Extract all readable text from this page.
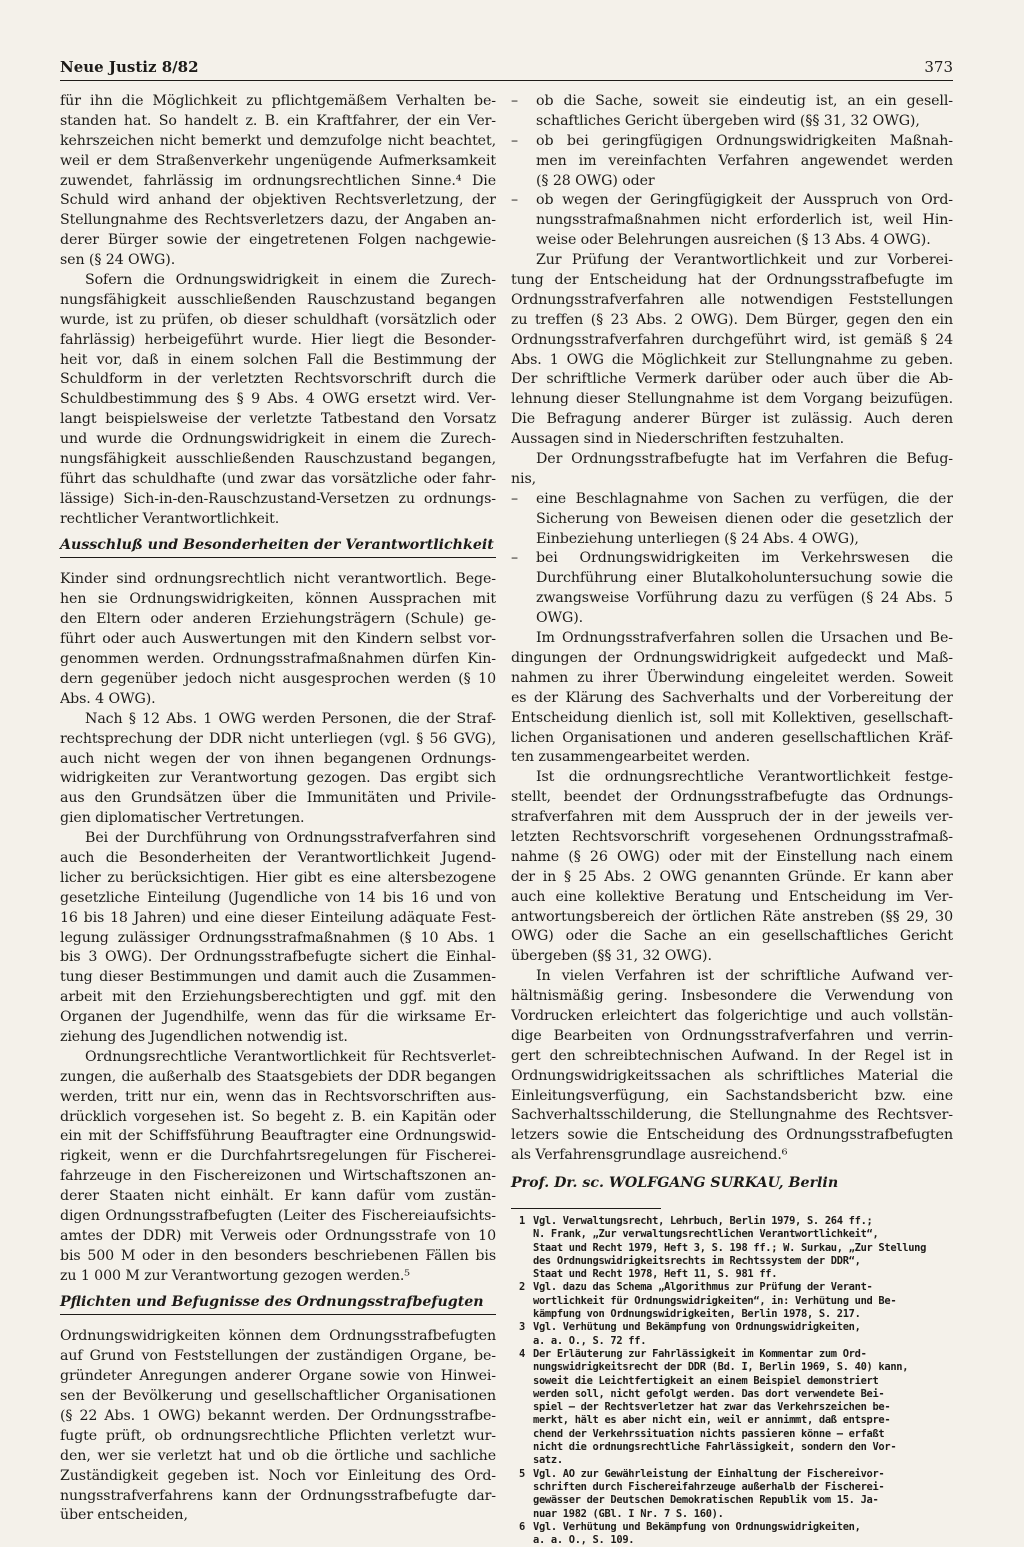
Neue Justiz 8/82	373
für ihn die Möglichkeit zu pflichtgemäßem Verhalten be-
standen hat. So handelt z. B. ein Kraftfahrer, der ein Ver-
kehrszeichen nicht bemerkt und demzufolge nicht beachtet,
weil er dem Straßenverkehr ungenügende Aufmerksamkeit
zuwendet, fahrlässig im ordnungsrechtlichen Sinne.⁴ Die
Schuld wird anhand der objektiven Rechtsverletzung, der
Stellungnahme des Rechtsverletzers dazu, der Angaben an-
derer Bürger sowie der eingetretenen Folgen nachgewie-
sen (§ 24 OWG).
Sofern die Ordnungswidrigkeit in einem die Zurech-
nungsfähigkeit ausschließenden Rauschzustand begangen
wurde, ist zu prüfen, ob dieser schuldhaft (vorsätzlich oder
fahrlässig) herbeigeführt wurde. Hier liegt die Besonder-
heit vor, daß in einem solchen Fall die Bestimmung der
Schuldform in der verletzten Rechtsvorschrift durch die
Schuldbestimmung des § 9 Abs. 4 OWG ersetzt wird. Ver-
langt beispielsweise der verletzte Tatbestand den Vorsatz
und wurde die Ordnungswidrigkeit in einem die Zurech-
nungsfähigkeit ausschließenden Rauschzustand begangen,
führt das schuldhafte (und zwar das vorsätzliche oder fahr-
lässige) Sich-in-den-Rauschzustand-Versetzen zu ordnungs-
rechtlicher Verantwortlichkeit.
Ausschluß und Besonderheiten der Verantwortlichkeit
Kinder sind ordnungsrechtlich nicht verantwortlich. Bege-
hen sie Ordnungswidrigkeiten, können Aussprachen mit
den Eltern oder anderen Erziehungsträgern (Schule) ge-
führt oder auch Auswertungen mit den Kindern selbst vor-
genommen werden. Ordnungsstrafmaßnahmen dürfen Kin-
dern gegenüber jedoch nicht ausgesprochen werden (§ 10
Abs. 4 OWG).
Nach § 12 Abs. 1 OWG werden Personen, die der Straf-
rechtsprechung der DDR nicht unterliegen (vgl. § 56 GVG),
auch nicht wegen der von ihnen begangenen Ordnungs-
widrigkeiten zur Verantwortung gezogen. Das ergibt sich
aus den Grundsätzen über die Immunitäten und Privile-
gien diplomatischer Vertretungen.
Bei der Durchführung von Ordnungsstrafverfahren sind
auch die Besonderheiten der Verantwortlichkeit Jugend-
licher zu berücksichtigen. Hier gibt es eine altersbezogene
gesetzliche Einteilung (Jugendliche von 14 bis 16 und von
16 bis 18 Jahren) und eine dieser Einteilung adäquate Fest-
legung zulässiger Ordnungsstrafmaßnahmen (§ 10 Abs. 1
bis 3 OWG). Der Ordnungsstrafbefugte sichert die Einhal-
tung dieser Bestimmungen und damit auch die Zusammen-
arbeit mit den Erziehungsberechtigten und ggf. mit den
Organen der Jugendhilfe, wenn das für die wirksame Er-
ziehung des Jugendlichen notwendig ist.
Ordnungsrechtliche Verantwortlichkeit für Rechtsverlet-
zungen, die außerhalb des Staatsgebiets der DDR begangen
werden, tritt nur ein, wenn das in Rechtsvorschriften aus-
drücklich vorgesehen ist. So begeht z. B. ein Kapitän oder
ein mit der Schiffsführung Beauftragter eine Ordnungswid-
rigkeit, wenn er die Durchfahrtsregelungen für Fischerei-
fahrzeuge in den Fischereizonen und Wirtschaftszonen an-
derer Staaten nicht einhält. Er kann dafür vom zustän-
digen Ordnungsstrafbefugten (Leiter des Fischereiaufsichts-
amtes der DDR) mit Verweis oder Ordnungsstrafe von 10
bis 500 M oder in den besonders beschriebenen Fällen bis
zu 1 000 M zur Verantwortung gezogen werden.⁵
Pflichten und Befugnisse des Ordnungsstrafbefugten
Ordnungswidrigkeiten können dem Ordnungsstrafbefugten
auf Grund von Feststellungen der zuständigen Organe, be-
gründeter Anregungen anderer Organe sowie von Hinwei-
sen der Bevölkerung und gesellschaftlicher Organisationen
(§ 22 Abs. 1 OWG) bekannt werden. Der Ordnungsstrafbe-
fugte prüft, ob ordnungsrechtliche Pflichten verletzt wur-
den, wer sie verletzt hat und ob die örtliche und sachliche
Zuständigkeit gegeben ist. Noch vor Einleitung des Ord-
nungsstrafverfahrens kann der Ordnungsstrafbefugte dar-
über entscheiden,
– ob die Sache, soweit sie eindeutig ist, an ein gesell-
schaftliches Gericht übergeben wird (§§ 31, 32 OWG),
– ob bei geringfügigen Ordnungswidrigkeiten Maßnah-
men im vereinfachten Verfahren angewendet werden
(§ 28 OWG) oder
– ob wegen der Geringfügigkeit der Ausspruch von Ord-
nungsstrafmaßnahmen nicht erforderlich ist, weil Hin-
weise oder Belehrungen ausreichen (§ 13 Abs. 4 OWG).
Zur Prüfung der Verantwortlichkeit und zur Vorberei-
tung der Entscheidung hat der Ordnungsstrafbefugte im
Ordnungsstrafverfahren alle notwendigen Feststellungen
zu treffen (§ 23 Abs. 2 OWG). Dem Bürger, gegen den ein
Ordnungsstrafverfahren durchgeführt wird, ist gemäß § 24
Abs. 1 OWG die Möglichkeit zur Stellungnahme zu geben.
Der schriftliche Vermerk darüber oder auch über die Ab-
lehnung dieser Stellungnahme ist dem Vorgang beizufügen.
Die Befragung anderer Bürger ist zulässig. Auch deren
Aussagen sind in Niederschriften festzuhalten.
Der Ordnungsstrafbefugte hat im Verfahren die Befug-
nis,
– eine Beschlagnahme von Sachen zu verfügen, die der
Sicherung von Beweisen dienen oder die gesetzlich der
Einbeziehung unterliegen (§ 24 Abs. 4 OWG),
– bei Ordnungswidrigkeiten im Verkehrswesen die
Durchführung einer Blutalkoholuntersuchung sowie die
zwangsweise Vorführung dazu zu verfügen (§ 24 Abs. 5
OWG).
Im Ordnungsstrafverfahren sollen die Ursachen und Be-
dingungen der Ordnungswidrigkeit aufgedeckt und Maß-
nahmen zu ihrer Überwindung eingeleitet werden. Soweit
es der Klärung des Sachverhalts und der Vorbereitung der
Entscheidung dienlich ist, soll mit Kollektiven, gesellschaft-
lichen Organisationen und anderen gesellschaftlichen Kräf-
ten zusammengearbeitet werden.
Ist die ordnungsrechtliche Verantwortlichkeit festge-
stellt, beendet der Ordnungsstrafbefugte das Ordnungs-
strafverfahren mit dem Ausspruch der in der jeweils ver-
letzten Rechtsvorschrift vorgesehenen Ordnungsstrafmaß-
nahme (§ 26 OWG) oder mit der Einstellung nach einem
der in § 25 Abs. 2 OWG genannten Gründe. Er kann aber
auch eine kollektive Beratung und Entscheidung im Ver-
antwortungsbereich der örtlichen Räte anstreben (§§ 29, 30
OWG) oder die Sache an ein gesellschaftliches Gericht
übergeben (§§ 31, 32 OWG).
In vielen Verfahren ist der schriftliche Aufwand ver-
hältnismäßig gering. Insbesondere die Verwendung von
Vordrucken erleichtert das folgerichtige und auch vollstän-
dige Bearbeiten von Ordnungsstrafverfahren und verrin-
gert den schreibtechnischen Aufwand. In der Regel ist in
Ordnungswidrigkeitssachen als schriftliches Material die
Einleitungsverfügung, ein Sachstandsbericht bzw. eine
Sachverhaltsschilderung, die Stellungnahme des Rechtsver-
letzers sowie die Entscheidung des Ordnungsstrafbefugten
als Verfahrensgrundlage ausreichend.⁶
Prof. Dr. sc. WOLFGANG SURKAU, Berlin
1 Vgl. Verwaltungsrecht, Lehrbuch, Berlin 1979, S. 264 ff.;
N. Frank, „Zur verwaltungsrechtlichen Verantwortlichkeit“,
Staat und Recht 1979, Heft 3, S. 198 ff.; W. Surkau, „Zur Stellung
des Ordnungswidrigkeitsrechts im Rechtssystem der DDR“,
Staat und Recht 1978, Heft 11, S. 981 ff.
2 Vgl. dazu das Schema „Algorithmus zur Prüfung der Verant-
wortlichkeit für Ordnungswidrigkeiten“, in: Verhütung und Be-
kämpfung von Ordnungswidrigkeiten, Berlin 1978, S. 217.
3 Vgl. Verhütung und Bekämpfung von Ordnungswidrigkeiten,
a. a. O., S. 72 ff.
4 Der Erläuterung zur Fahrlässigkeit im Kommentar zum Ord-
nungswidrigkeitsrecht der DDR (Bd. I, Berlin 1969, S. 40) kann,
soweit die Leichtfertigkeit an einem Beispiel demonstriert
werden soll, nicht gefolgt werden. Das dort verwendete Bei-
spiel – der Rechtsverletzer hat zwar das Verkehrszeichen be-
merkt, hält es aber nicht ein, weil er annimmt, daß entspre-
chend der Verkehrssituation nichts passieren könne – erfaßt
nicht die ordnungsrechtliche Fahrlässigkeit, sondern den Vor-
satz.
5 Vgl. AO zur Gewährleistung der Einhaltung der Fischereivor-
schriften durch Fischereifahrzeuge außerhalb der Fischerei-
gewässer der Deutschen Demokratischen Republik vom 15. Ja-
nuar 1982 (GBl. I Nr. 7 S. 160).
6 Vgl. Verhütung und Bekämpfung von Ordnungswidrigkeiten,
a. a. O., S. 109.
